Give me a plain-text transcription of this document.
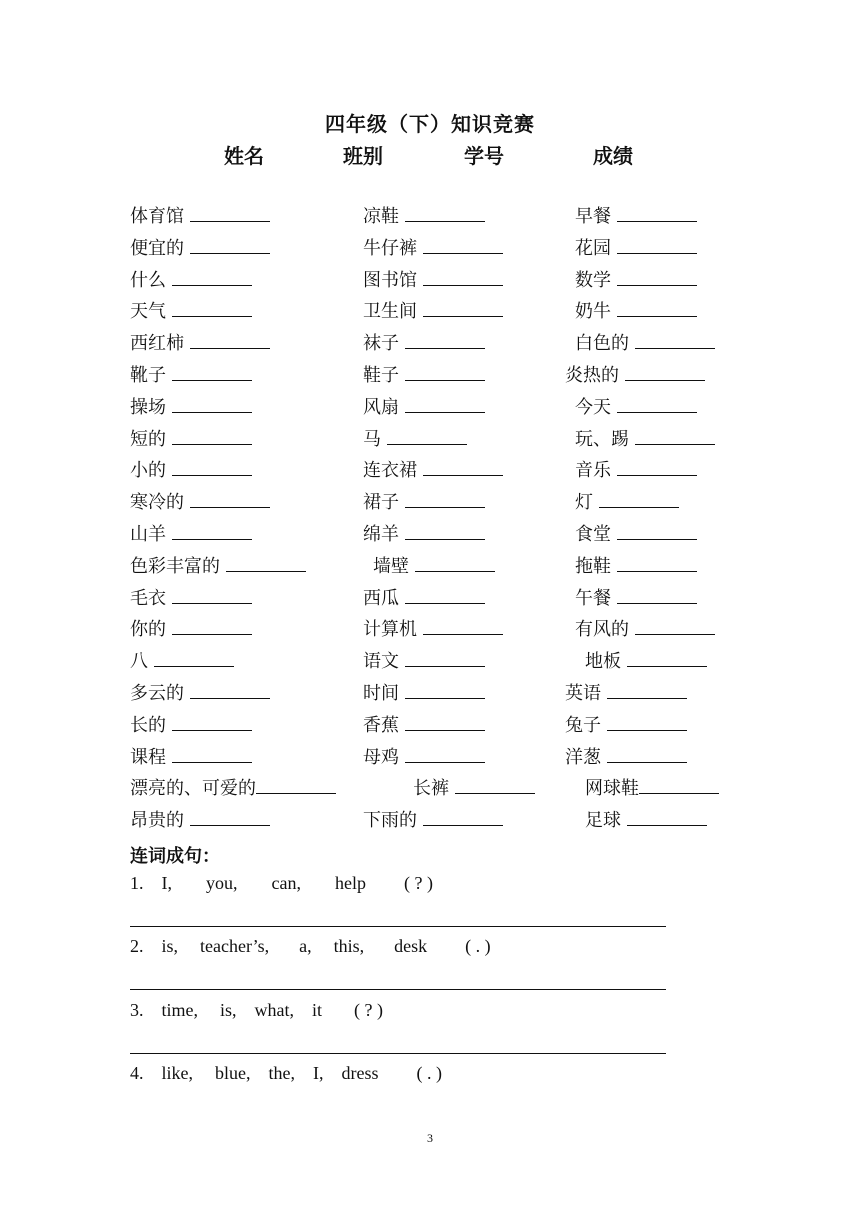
四年级（下）知识竞赛
姓名	班别	学号	成绩
体育馆	凉鞋	早餐
便宜的	牛仔裤	花园
什么	图书馆	数学
天气	卫生间	奶牛
西红柿	袜子	白色的
靴子	鞋子	炎热的
操场	风扇	今天
短的	马	玩、踢
小的	连衣裙	音乐
寒冷的	裙子	灯
山羊	绵羊	食堂
色彩丰富的	墙壁	拖鞋
毛衣	西瓜	午餐
你的	计算机	有风的
八	语文	地板
多云的	时间	英语
长的	香蕉	兔子
课程	母鸡	洋葱
漂亮的、可爱的	长裤	网球鞋
昂贵的	下雨的	足球
连词成句：
1. I, you, can, help ( ? )
2. is, teacher’s, a, this, desk ( . )
3. time, is, what, it ( ? )
4. like, blue, the, I, dress ( . )
3
